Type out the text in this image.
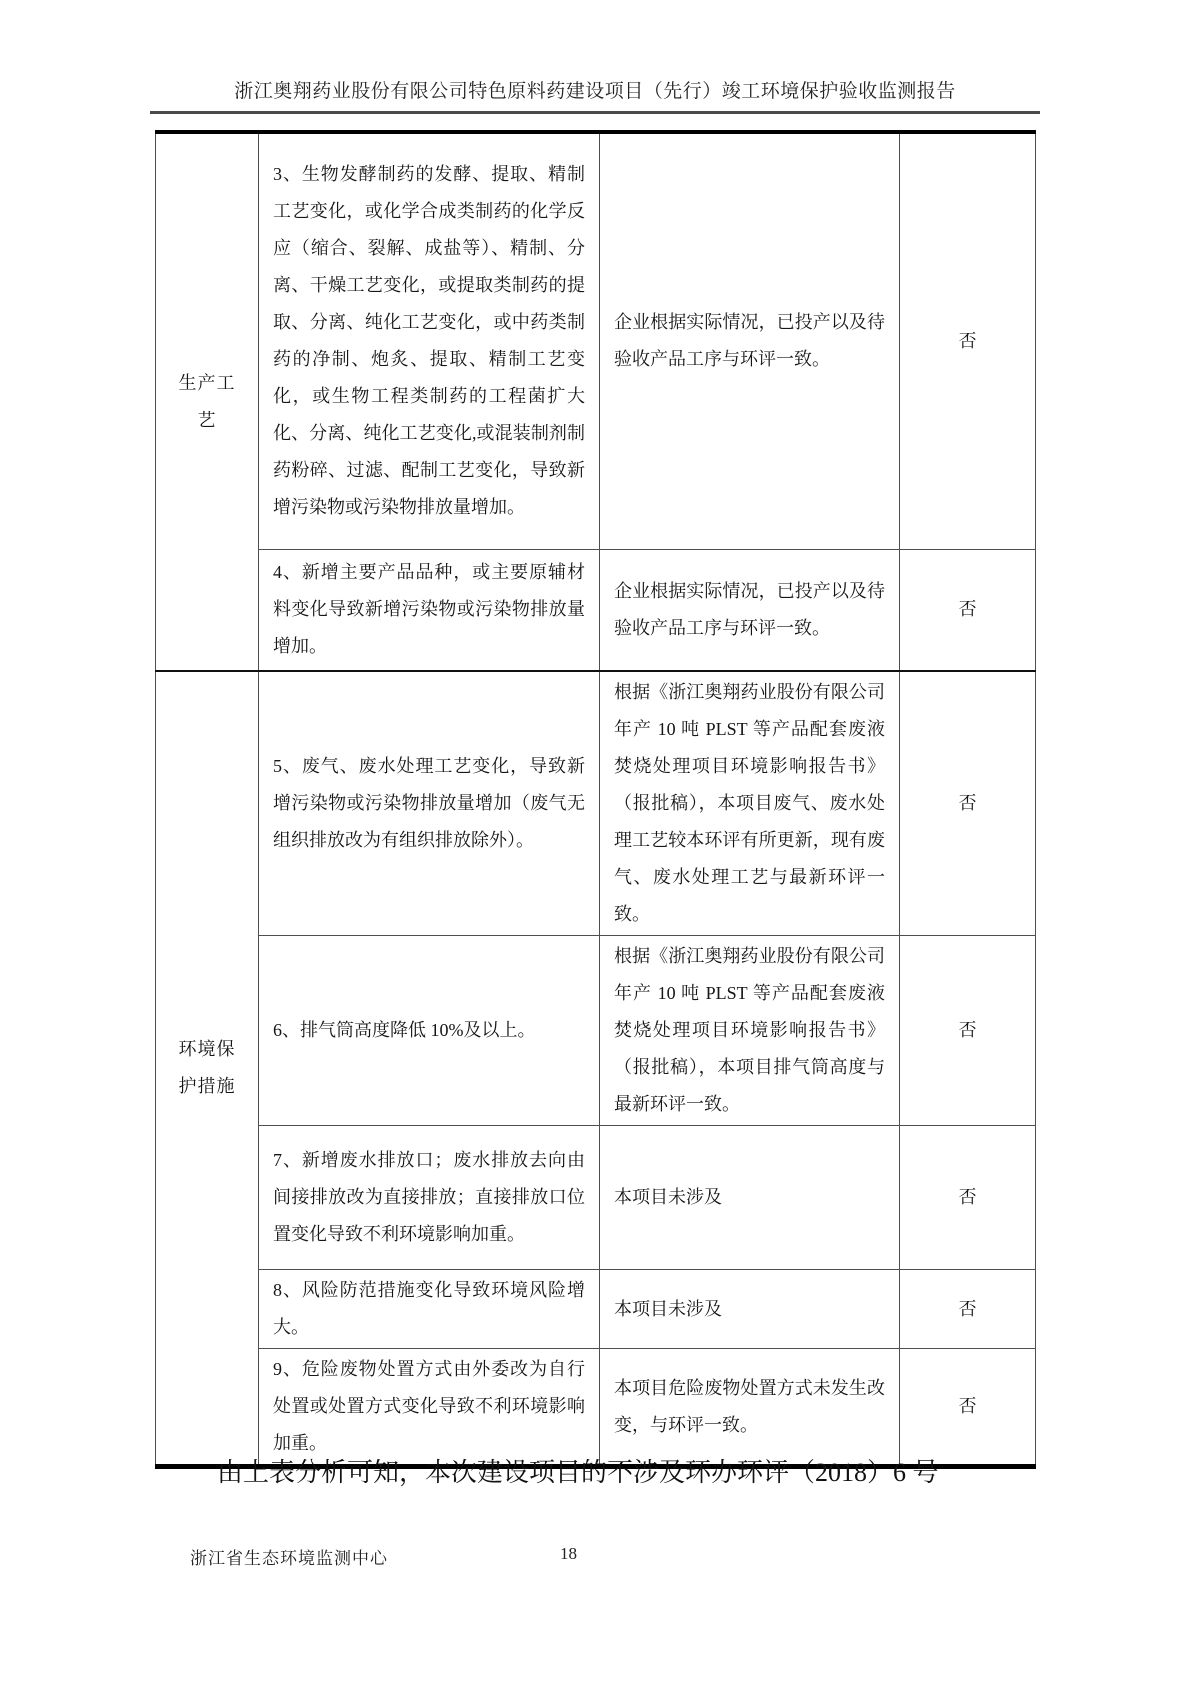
浙江奥翔药业股份有限公司特色原料药建设项目（先行）竣工环境保护验收监测报告
生产工艺	3、生物发酵制药的发酵、提取、精制工艺变化，或化学合成类制药的化学反应（缩合、裂解、成盐等）、精制、分离、干燥工艺变化，或提取类制药的提取、分离、纯化工艺变化，或中药类制药的净制、炮炙、提取、精制工艺变化，或生物工程类制药的工程菌扩大化、分离、纯化工艺变化,或混装制剂制药粉碎、过滤、配制工艺变化，导致新增污染物或污染物排放量增加。	企业根据实际情况，已投产以及待验收产品工序与环评一致。	否
	4、新增主要产品品种，或主要原辅材料变化导致新增污染物或污染物排放量增加。	企业根据实际情况，已投产以及待验收产品工序与环评一致。	否
环境保护措施	5、废气、废水处理工艺变化，导致新增污染物或污染物排放量增加（废气无组织排放改为有组织排放除外）。	根据《浙江奥翔药业股份有限公司年产 10 吨 PLST 等产品配套废液焚烧处理项目环境影响报告书》（报批稿），本项目废气、废水处理工艺较本环评有所更新，现有废气、废水处理工艺与最新环评一致。	否
	6、排气筒高度降低 10%及以上。	根据《浙江奥翔药业股份有限公司年产 10 吨 PLST 等产品配套废液焚烧处理项目环境影响报告书》（报批稿），本项目排气筒高度与最新环评一致。	否
	7、新增废水排放口；废水排放去向由间接排放改为直接排放；直接排放口位置变化导致不利环境影响加重。	本项目未涉及	否
	8、风险防范措施变化导致环境风险增大。	本项目未涉及	否
	9、危险废物处置方式由外委改为自行处置或处置方式变化导致不利环境影响加重。	本项目危险废物处置方式未发生改变，与环评一致。	否

由上表分析可知，本次建设项目的不涉及环办环评（2018）6 号

浙江省生态环境监测中心	18
